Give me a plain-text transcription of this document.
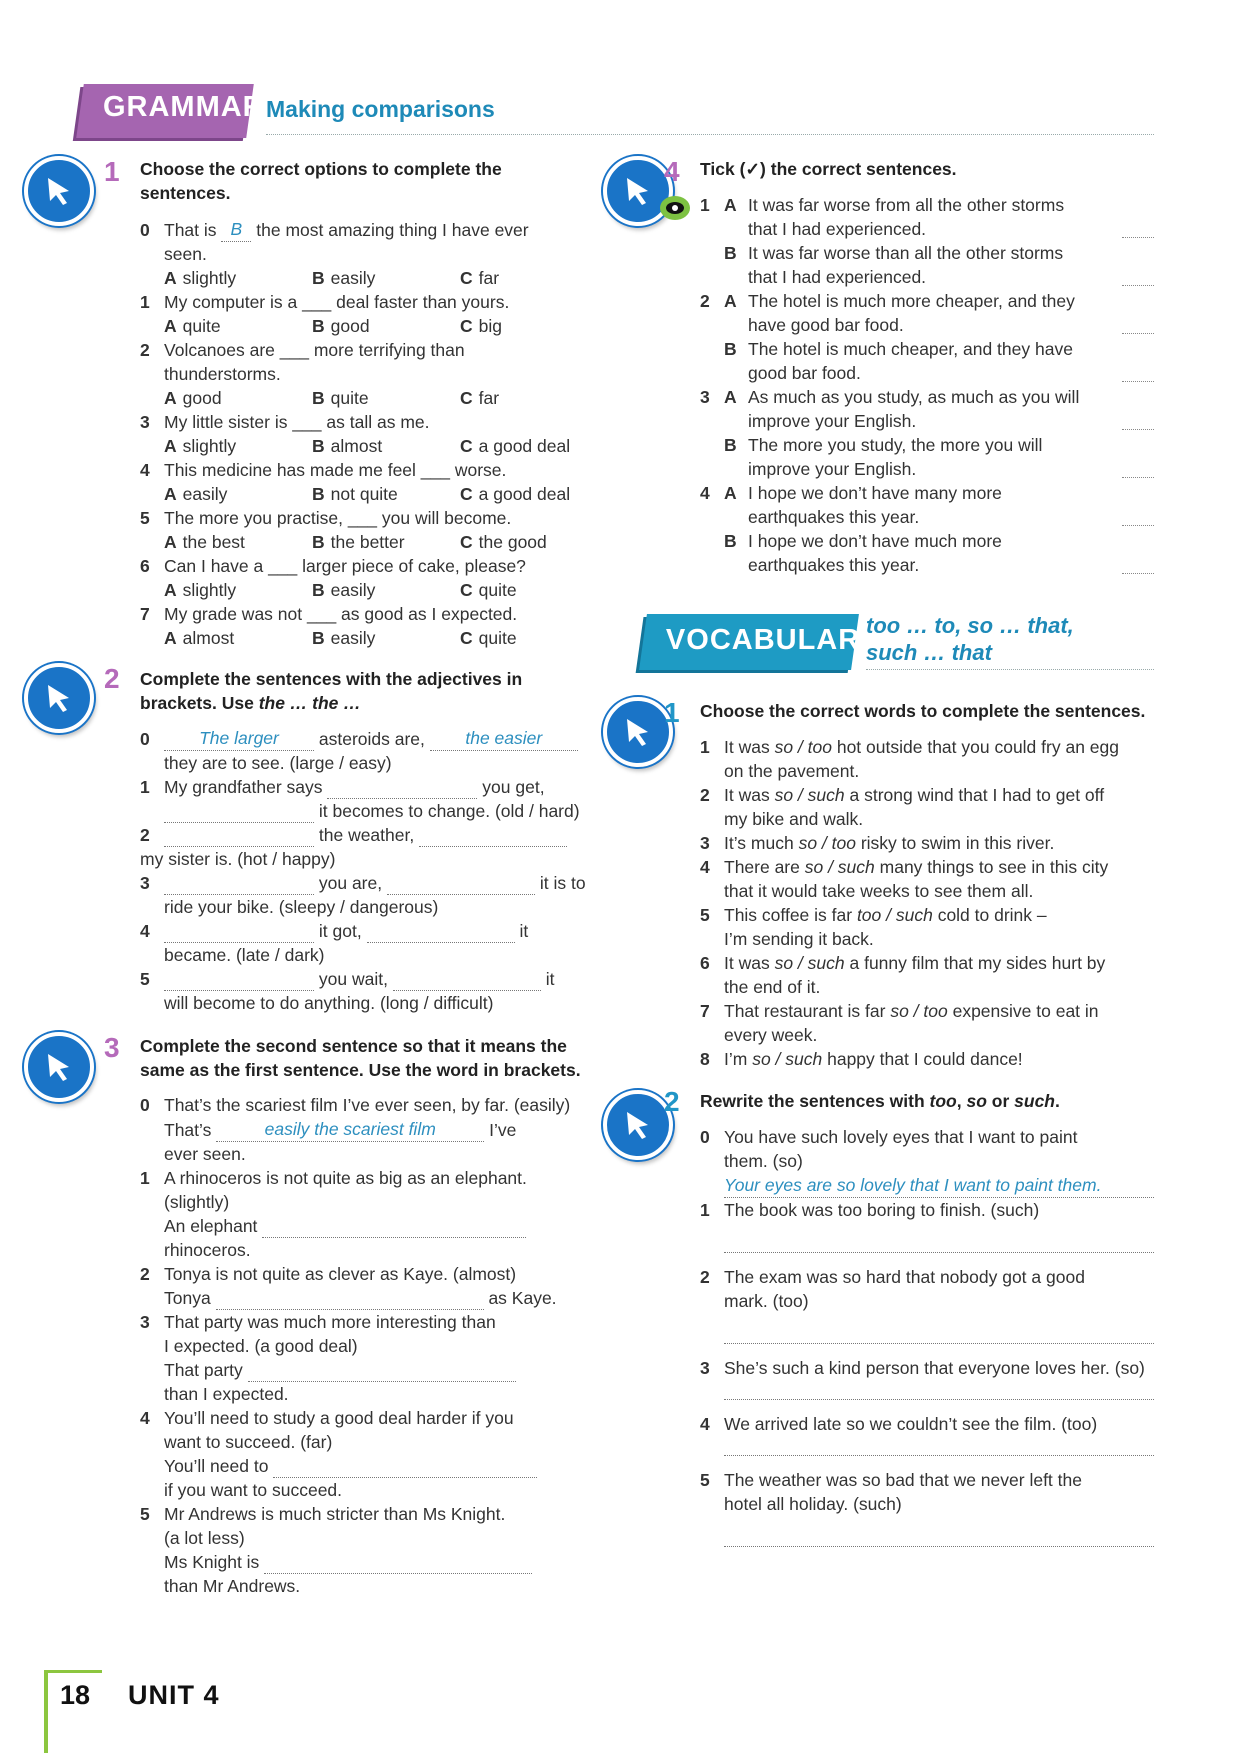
GRAMMAR Making comparisons
1 Choose the correct options to complete the
sentences.
0 That is B the most amazing thing I have ever
seen.
A slightly	B easily	C far
1 My computer is a ___ deal faster than yours.
A quite	B good	C big
2 Volcanoes are ___ more terrifying than
thunderstorms.
A good	B quite	C far
3 My little sister is ___ as tall as me.
A slightly	B almost	C a good deal
4 This medicine has made me feel ___ worse.
A easily	B not quite	C a good deal
5 The more you practise, ___ you will become.
A the best	B the better	C the good
6 Can I have a ___ larger piece of cake, please?
A slightly	B easily	C quite
7 My grade was not ___ as good as I expected.
A almost	B easily	C quite
2 Complete the sentences with the adjectives in
brackets. Use the … the …
0	The larger asteroids are, the easier
they are to see. (large / easy)
1 My grandfather says	you get,
it becomes to change. (old / hard)
2	the weather,
my sister is. (hot / happy)
3	you are,	it is to
ride your bike. (sleepy / dangerous)
4	it got,	it
became. (late / dark)
5	you wait,	it
will become to do anything. (long / difficult)
3 Complete the second sentence so that it means the
same as the first sentence. Use the word in brackets.
0 That’s the scariest film I’ve ever seen, by far. (easily)
That’s	easily the scariest film	I’ve
ever seen.
1 A rhinoceros is not quite as big as an elephant.
(slightly)
An elephant
rhinoceros.
2 Tonya is not quite as clever as Kaye. (almost)
Tonya	as Kaye.
3 That party was much more interesting than
I expected. (a good deal)
That party
than I expected.
4 You’ll need to study a good deal harder if you
want to succeed. (far)
You’ll need to
if you want to succeed.
5 Mr Andrews is much stricter than Ms Knight.
(a lot less)
Ms Knight is
than Mr Andrews.
4 Tick (✓) the correct sentences.
1 A It was far worse from all the other storms
that I had experienced.
B It was far worse than all the other storms
that I had experienced.
2 A The hotel is much more cheaper, and they
have good bar food.
B The hotel is much cheaper, and they have
good bar food.
3 A As much as you study, as much as you will
improve your English.
B The more you study, the more you will
improve your English.
4 A I hope we don’t have many more
earthquakes this year.
B I hope we don’t have much more
earthquakes this year.
VOCABULARY
too … to, so … that,
such … that
1 Choose the correct words to complete the sentences.
1 It was so / too hot outside that you could fry an egg
on the pavement.
2 It was so / such a strong wind that I had to get off
my bike and walk.
3 It’s much so / too risky to swim in this river.
4 There are so / such many things to see in this city
that it would take weeks to see them all.
5 This coffee is far too / such cold to drink –
I’m sending it back.
6 It was so / such a funny film that my sides hurt by
the end of it.
7 That restaurant is far so / too expensive to eat in
every week.
8 I’m so / such happy that I could dance!
2 Rewrite the sentences with too, so or such.
0 You have such lovely eyes that I want to paint
them. (so)
Your eyes are so lovely that I want to paint them.
1 The book was too boring to finish. (such)
2 The exam was so hard that nobody got a good
mark. (too)
3 She’s such a kind person that everyone loves her. (so)
4 We arrived late so we couldn’t see the film. (too)
5 The weather was so bad that we never left the
hotel all holiday. (such)
18 UNIT 4
